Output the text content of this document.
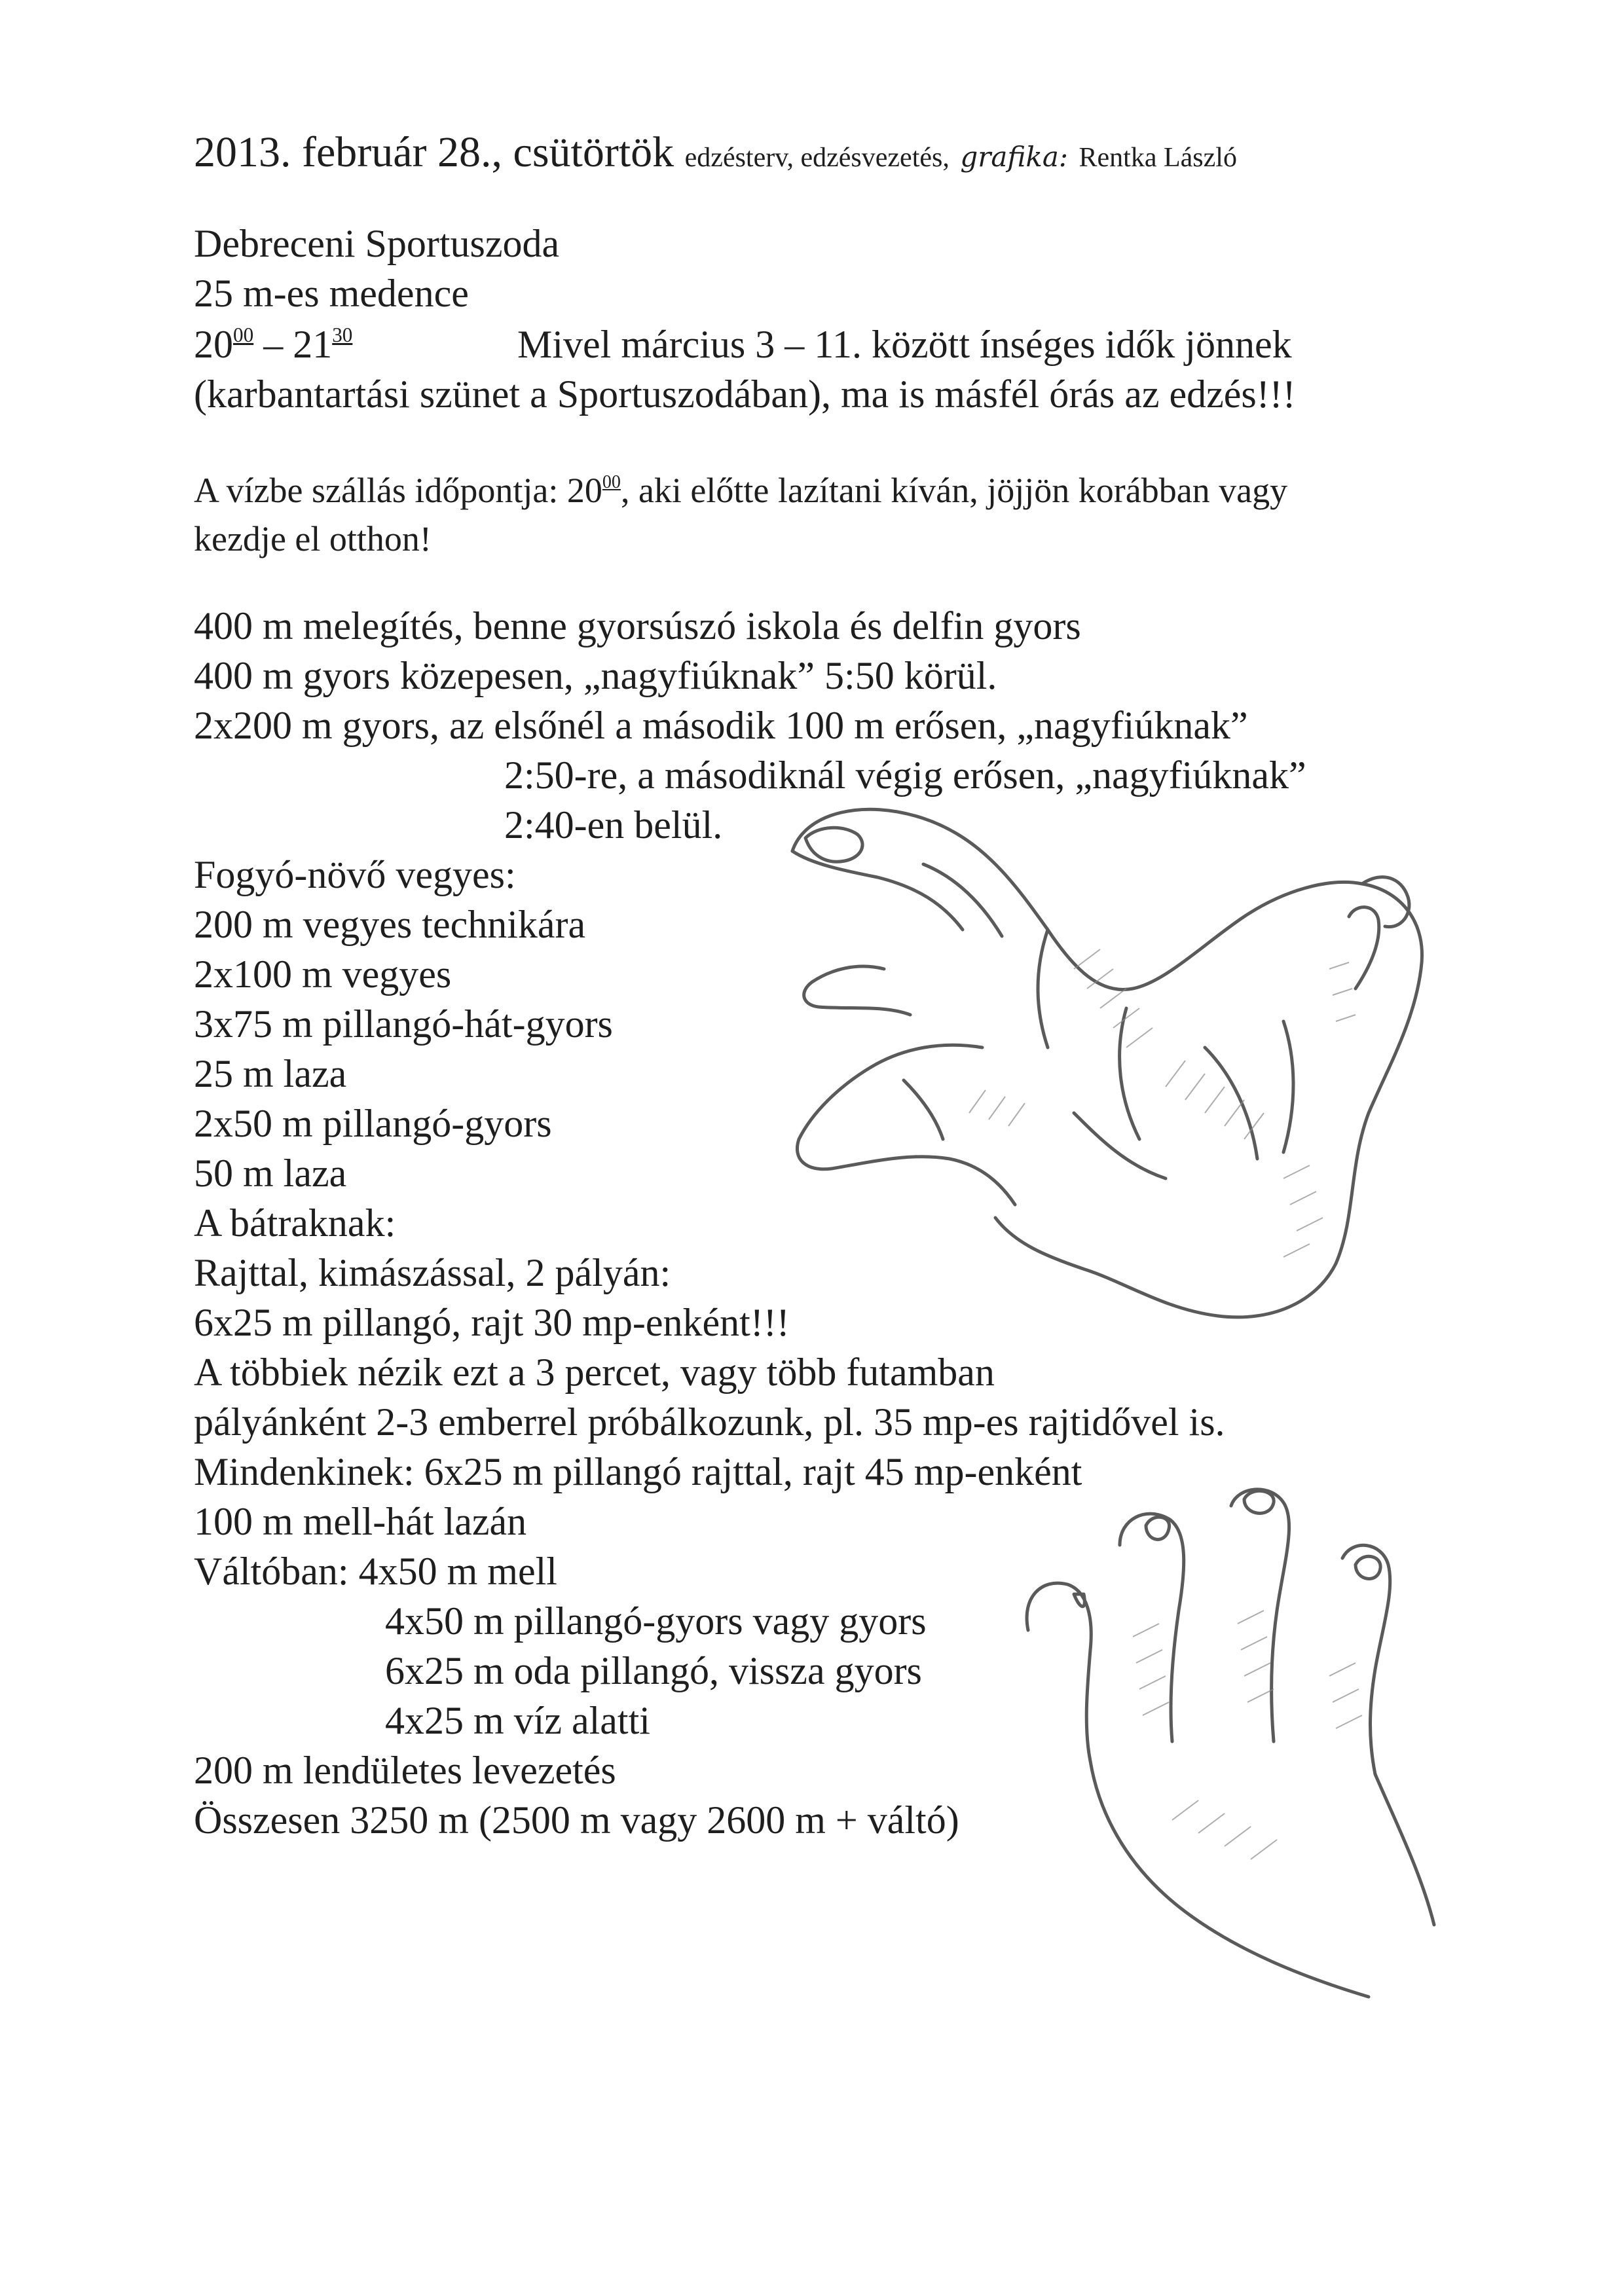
2013. február 28., csütörtök edzésterv, edzésvezetés, grafika: Rentka László
Debreceni Sportuszoda
25 m-es medence
$20^{00} - 21^{30}$	Mivel március 3 – 11. között ínséges idők jönnek
(karbantartási szünet a Sportuszodában), ma is másfél órás az edzés!!!
A vízbe szállás időpontja: $20^{00}$, aki előtte lazítani kíván, jöjjön korábban vagy
kezdje el otthon!
400 m melegítés, benne gyorsúszó iskola és delfin gyors
400 m gyors közepesen, „nagyfiúknak” 5:50 körül.
2x200 m gyors, az elsőnél a második 100 m erősen, „nagyfiúknak”
2:50-re, a másodiknál végig erősen, „nagyfiúknak”
2:40-en belül.
Fogyó-növő vegyes:
200 m vegyes technikára
2x100 m vegyes
3x75 m pillangó-hát-gyors
25 m laza
2x50 m pillangó-gyors
50 m laza
A bátraknak:
Rajttal, kimászással, 2 pályán:
6x25 m pillangó, rajt 30 mp-enként!!!
A többiek nézik ezt a 3 percet, vagy több futamban
pályánként 2-3 emberrel próbálkozunk, pl. 35 mp-es rajtidővel is.
Mindenkinek: 6x25 m pillangó rajttal, rajt 45 mp-enként
100 m mell-hát lazán
Váltóban: 4x50 m mell
4x50 m pillangó-gyors vagy gyors
6x25 m oda pillangó, vissza gyors
4x25 m víz alatti
200 m lendületes levezetés
Összesen 3250 m (2500 m vagy 2600 m + váltó)
